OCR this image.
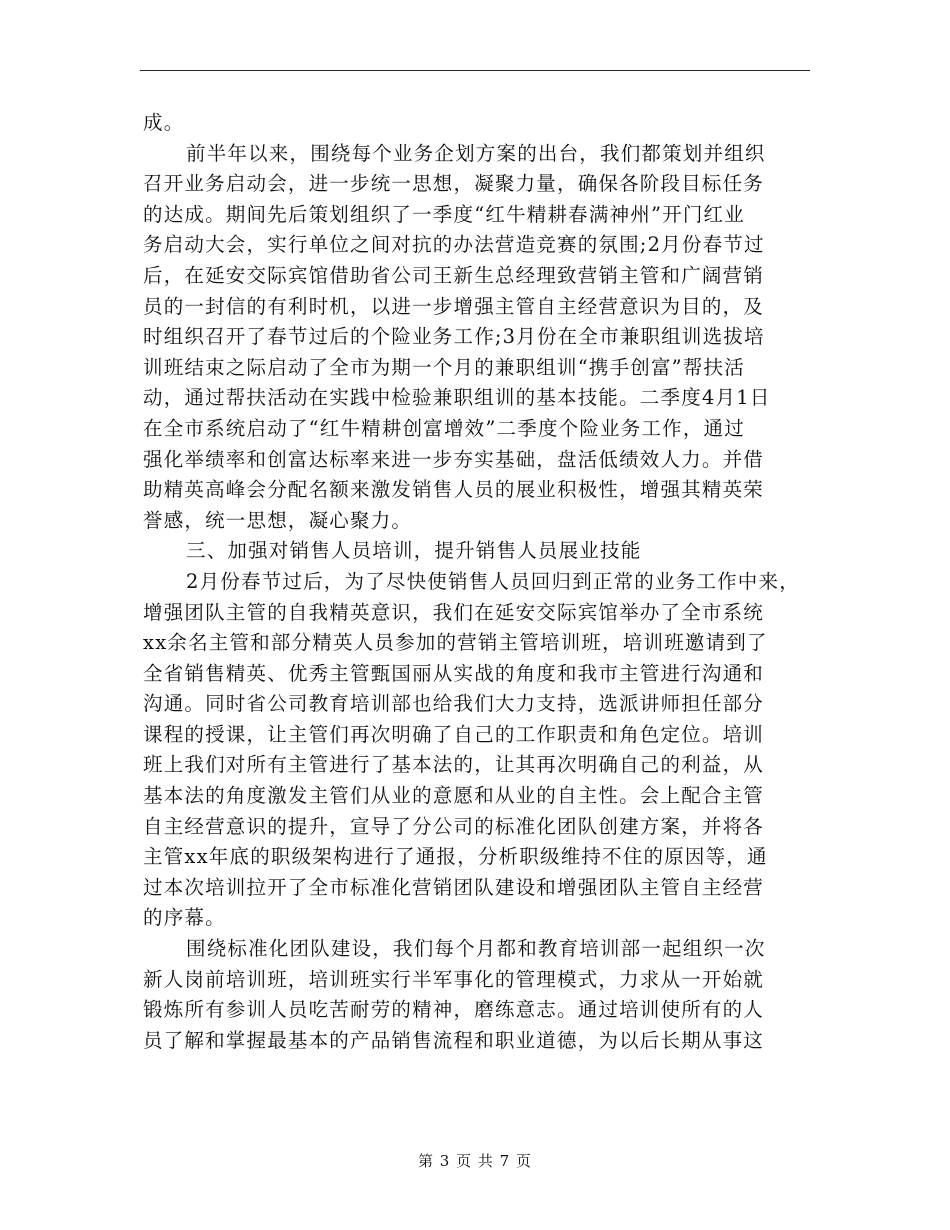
成。
前半年以来，围绕每个业务企划方案的出台，我们都策划并组织
召开业务启动会，进一步统一思想，凝聚力量，确保各阶段目标任务
的达成。期间先后策划组织了一季度“红牛精耕春满神州”开门红业
务启动大会，实行单位之间对抗的办法营造竞赛的氛围;2月份春节过
后，在延安交际宾馆借助省公司王新生总经理致营销主管和广阔营销
员的一封信的有利时机，以进一步增强主管自主经营意识为目的，及
时组织召开了春节过后的个险业务工作;3月份在全市兼职组训选拔培
训班结束之际启动了全市为期一个月的兼职组训“携手创富”帮扶活
动，通过帮扶活动在实践中检验兼职组训的基本技能。二季度4月1日
在全市系统启动了“红牛精耕创富增效”二季度个险业务工作，通过
强化举绩率和创富达标率来进一步夯实基础，盘活低绩效人力。并借
助精英高峰会分配名额来激发销售人员的展业积极性，增强其精英荣
誉感，统一思想，凝心聚力。
三、加强对销售人员培训，提升销售人员展业技能
2月份春节过后，为了尽快使销售人员回归到正常的业务工作中来，
增强团队主管的自我精英意识，我们在延安交际宾馆举办了全市系统
xx余名主管和部分精英人员参加的营销主管培训班，培训班邀请到了
全省销售精英、优秀主管甄国丽从实战的角度和我市主管进行沟通和
沟通。同时省公司教育培训部也给我们大力支持，选派讲师担任部分
课程的授课，让主管们再次明确了自己的工作职责和角色定位。培训
班上我们对所有主管进行了基本法的，让其再次明确自己的利益，从
基本法的角度激发主管们从业的意愿和从业的自主性。会上配合主管
自主经营意识的提升，宣导了分公司的标准化团队创建方案，并将各
主管xx年底的职级架构进行了通报，分析职级维持不住的原因等，通
过本次培训拉开了全市标准化营销团队建设和增强团队主管自主经营
的序幕。
围绕标准化团队建设，我们每个月都和教育培训部一起组织一次
新人岗前培训班，培训班实行半军事化的管理模式，力求从一开始就
锻炼所有参训人员吃苦耐劳的精神，磨练意志。通过培训使所有的人
员了解和掌握最基本的产品销售流程和职业道德，为以后长期从事这
第 3 页 共 7 页
